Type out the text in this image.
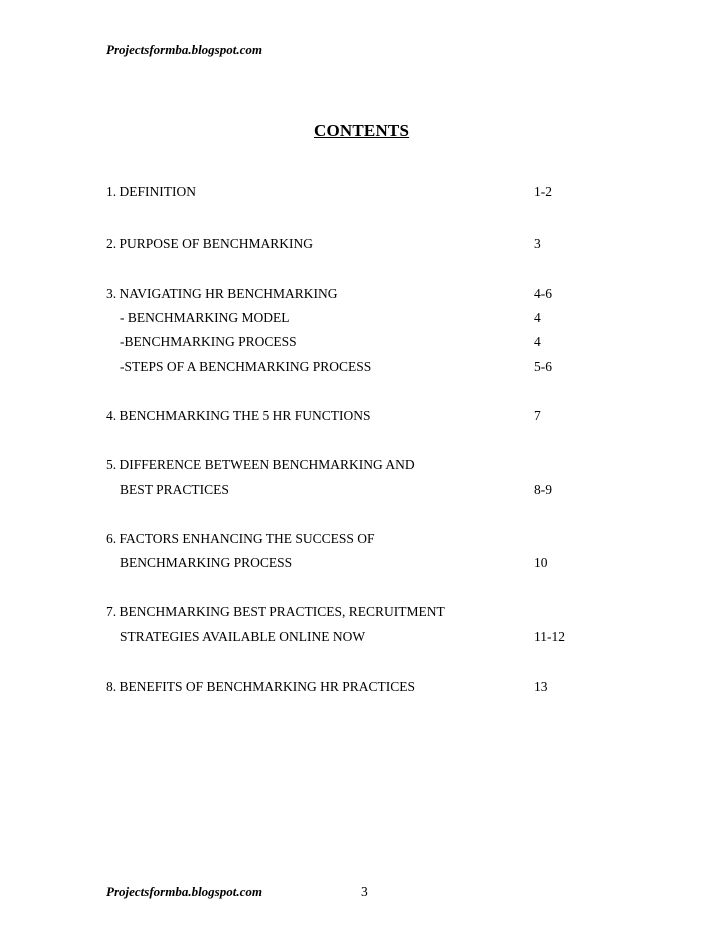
Projectsformba.blogspot.com
CONTENTS
1. DEFINITION	1-2
2. PURPOSE OF BENCHMARKING	3
3. NAVIGATING HR BENCHMARKING	4-6
- BENCHMARKING MODEL	4
-BENCHMARKING PROCESS	4
-STEPS OF A BENCHMARKING PROCESS	5-6
4. BENCHMARKING THE 5 HR FUNCTIONS	7
5. DIFFERENCE BETWEEN BENCHMARKING AND
BEST PRACTICES	8-9
6. FACTORS ENHANCING THE SUCCESS OF
BENCHMARKING PROCESS	10
7. BENCHMARKING BEST PRACTICES, RECRUITMENT
STRATEGIES AVAILABLE ONLINE NOW	11-12
8. BENEFITS OF BENCHMARKING HR PRACTICES	13
Projectsformba.blogspot.com	3
